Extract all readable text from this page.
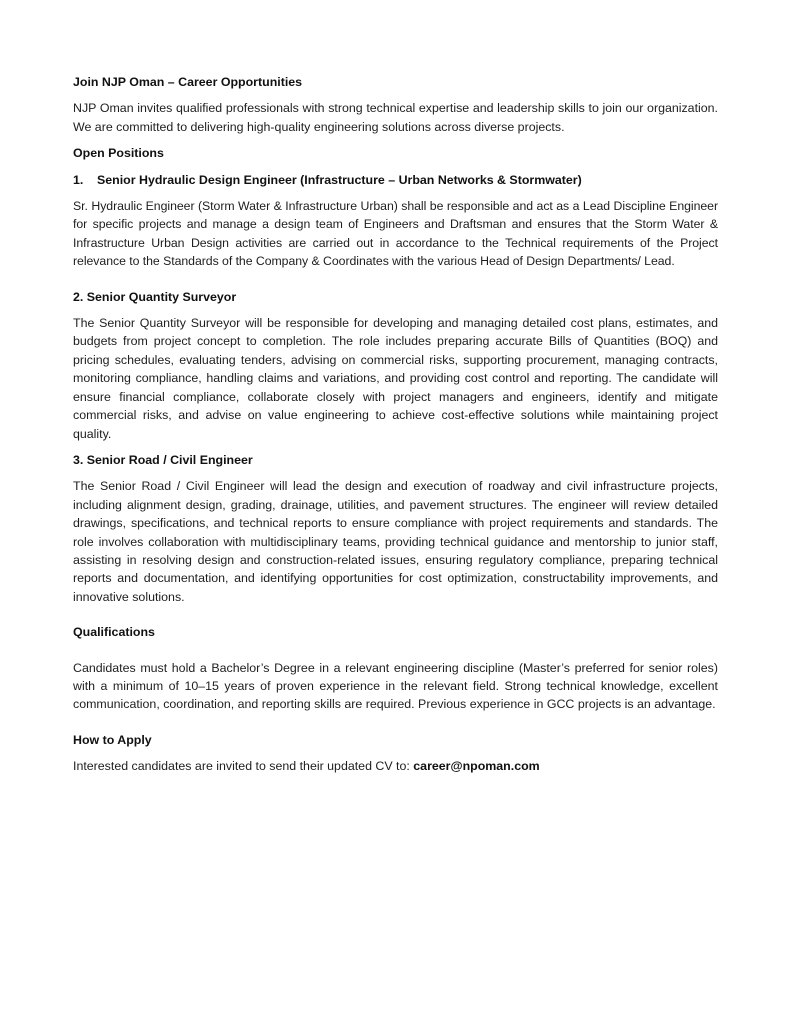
Join NJP Oman – Career Opportunities

NJP Oman invites qualified professionals with strong technical expertise and leadership skills to join our organization. We are committed to delivering high-quality engineering solutions across diverse projects.

Open Positions

1.	Senior Hydraulic Design Engineer (Infrastructure – Urban Networks & Stormwater)

Sr. Hydraulic Engineer (Storm Water & Infrastructure Urban) shall be responsible and act as a Lead Discipline Engineer for specific projects and manage a design team of Engineers and Draftsman and ensures that the Storm Water & Infrastructure Urban Design activities are carried out in accordance to the Technical requirements of the Project relevance to the Standards of the Company & Coordinates with the various Head of Design Departments/ Lead.

2. Senior Quantity Surveyor

The Senior Quantity Surveyor will be responsible for developing and managing detailed cost plans, estimates, and budgets from project concept to completion. The role includes preparing accurate Bills of Quantities (BOQ) and pricing schedules, evaluating tenders, advising on commercial risks, supporting procurement, managing contracts, monitoring compliance, handling claims and variations, and providing cost control and reporting. The candidate will ensure financial compliance, collaborate closely with project managers and engineers, identify and mitigate commercial risks, and advise on value engineering to achieve cost-effective solutions while maintaining project quality.

3. Senior Road / Civil Engineer

The Senior Road / Civil Engineer will lead the design and execution of roadway and civil infrastructure projects, including alignment design, grading, drainage, utilities, and pavement structures. The engineer will review detailed drawings, specifications, and technical reports to ensure compliance with project requirements and standards. The role involves collaboration with multidisciplinary teams, providing technical guidance and mentorship to junior staff, assisting in resolving design and construction-related issues, ensuring regulatory compliance, preparing technical reports and documentation, and identifying opportunities for cost optimization, constructability improvements, and innovative solutions.

Qualifications

Candidates must hold a Bachelor’s Degree in a relevant engineering discipline (Master’s preferred for senior roles) with a minimum of 10–15 years of proven experience in the relevant field. Strong technical knowledge, excellent communication, coordination, and reporting skills are required. Previous experience in GCC projects is an advantage.

How to Apply

Interested candidates are invited to send their updated CV to: career@npoman.com
